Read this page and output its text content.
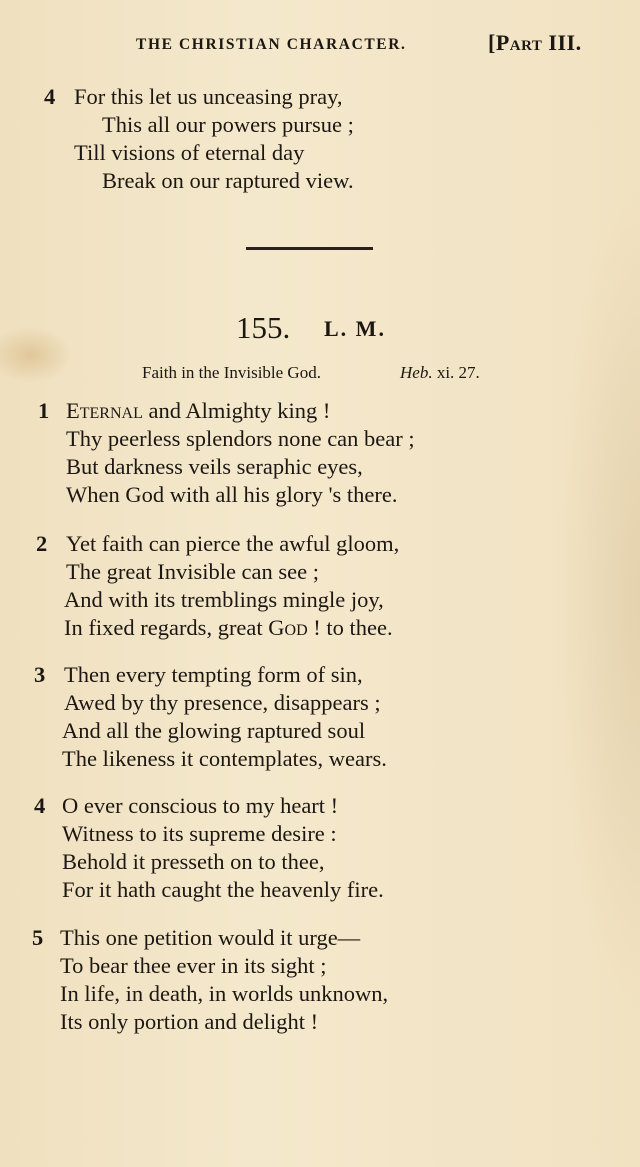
THE CHRISTIAN CHARACTER.	[Part III.
4 For this let us unceasing pray,
This all our powers pursue ;
Till visions of eternal day
Break on our raptured view.
155. L. M.
Faith in the Invisible God.	Heb. xi. 27.
1 Eternal and Almighty king !
Thy peerless splendors none can bear ;
But darkness veils seraphic eyes,
When God with all his glory 's there.
2 Yet faith can pierce the awful gloom,
The great Invisible can see ;
And with its tremblings mingle joy,
In fixed regards, great God ! to thee.
3 Then every tempting form of sin,
Awed by thy presence, disappears ;
And all the glowing raptured soul
The likeness it contemplates, wears.
4 O ever conscious to my heart !
Witness to its supreme desire :
Behold it presseth on to thee,
For it hath caught the heavenly fire.
5 This one petition would it urge—
To bear thee ever in its sight ;
In life, in death, in worlds unknown,
Its only portion and delight !
